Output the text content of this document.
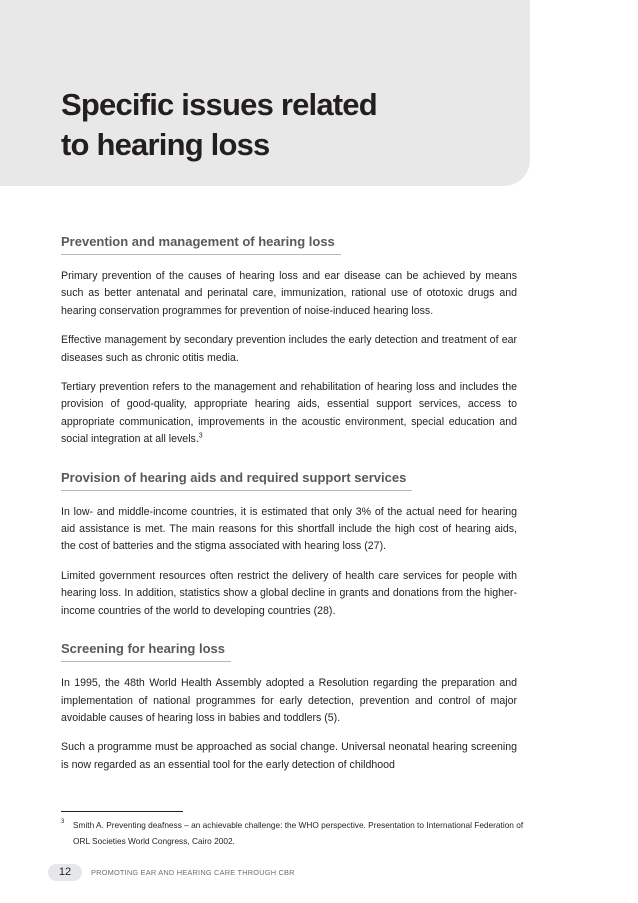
Specific issues related
to hearing loss
Prevention and management of hearing loss

Primary prevention of the causes of hearing loss and ear disease can be achieved by means such as better antenatal and perinatal care, immunization, rational use of ototoxic drugs and hearing conservation programmes for prevention of noise-induced hearing loss.

Effective management by secondary prevention includes the early detection and treatment of ear diseases such as chronic otitis media.

Tertiary prevention refers to the management and rehabilitation of hearing loss and includes the provision of good-quality, appropriate hearing aids, essential support services, access to appropriate communication, improvements in the acoustic environment, special education and social integration at all levels.$^3$

Provision of hearing aids and required support services

In low- and middle-income countries, it is estimated that only 3% of the actual need for hearing aid assistance is met. The main reasons for this shortfall include the high cost of hearing aids, the cost of batteries and the stigma associated with hearing loss (27).

Limited government resources often restrict the delivery of health care services for people with hearing loss. In addition, statistics show a global decline in grants and donations from the higher-income countries of the world to developing countries (28).

Screening for hearing loss

In 1995, the 48th World Health Assembly adopted a Resolution regarding the preparation and implementation of national programmes for early detection, prevention and control of major avoidable causes of hearing loss in babies and toddlers (5).

Such a programme must be approached as social change. Universal neonatal hearing screening is now regarded as an essential tool for the early detection of childhood

3	Smith A. Preventing deafness – an achievable challenge: the WHO perspective. Presentation to International Federation of ORL Societies World Congress, Cairo 2002.
12	PROMOTING EAR AND HEARING CARE THROUGH CBR
